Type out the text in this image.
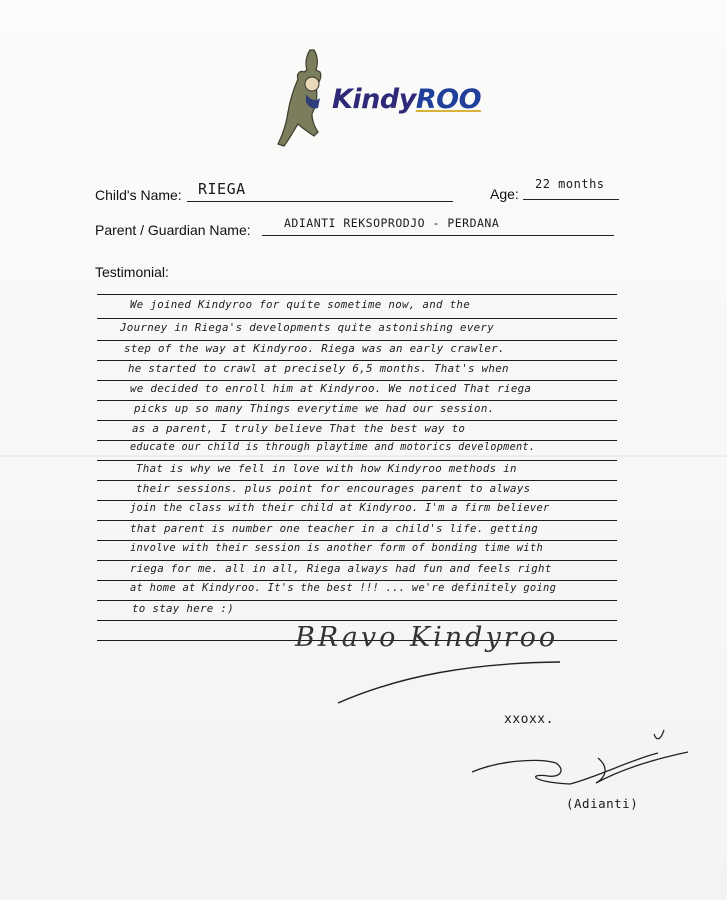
KindyROO
Child's Name: RIEGA	Age:
22 months
Parent / Guardian Name:	ADIANTI REKSOPRODJO - PERDANA
Testimonial:
We joined Kindyroo for quite sometime now, and the
Journey in Riega's developments quite astonishing every
step of the way at Kindyroo. Riega was an early crawler.
he started to crawl at precisely 6,5 months. That's when
we decided to enroll him at Kindyroo. We noticed That riega
picks up so many Things everytime we had our session.
as a parent, I truly believe That the best way to
educate our child is through playtime and motorics development.
That is why we fell in love with how Kindyroo methods in
their sessions. plus point for encourages parent to always
join the class with their child at Kindyroo. I'm a firm believer
that parent is number one teacher in a child's life. getting
involve with their session is another form of bonding time with
riega for me. all in all, Riega always had fun and feels right
at home at Kindyroo. It's the best !!! ... we're definitely going
to stay here :)
BRavo Kindyroo
xxoxx.
(Adianti)
